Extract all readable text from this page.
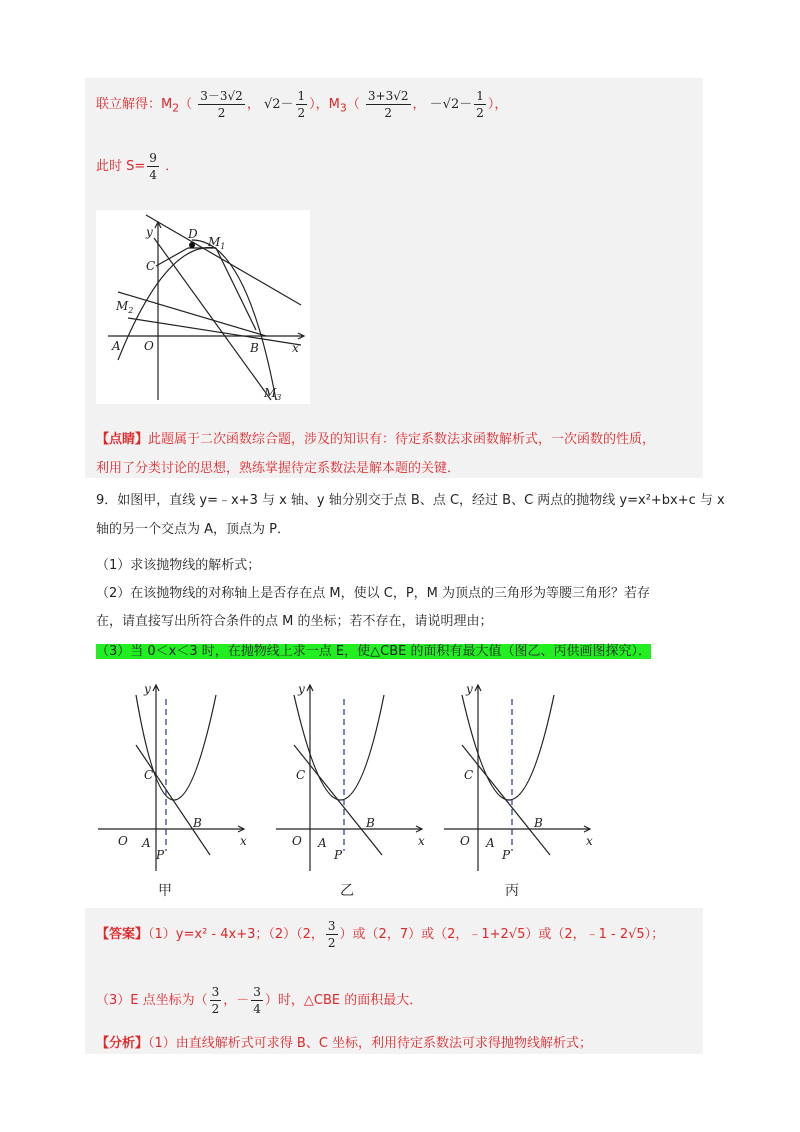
联立解得：$M_2( \frac{3-3√2}{2}$ ， $√2- \frac{1}{2}$ ），$M_3( \frac{3+3√2}{2}$ ， $-√2- \frac{1}{2}$ ），
此时 $S= \frac{9}{4}$ ．
y
x
C
D
$M_1$
$M_2$
$M_3$
A O	B
【点睛】此题属于二次函数综合题，涉及的知识有：待定系数法求函数解析式，一次函数的性质，
利用了分类讨论的思想，熟练掌握待定系数法是解本题的关键．
9．如图甲，直线 y=﹣x+3 与 x 轴、y 轴分别交于点 B、点 C，经过 B、C 两点的抛物线 y=x²+bx+c 与 x
轴的另一个交点为 A，顶点为 P．
（1）求该抛物线的解析式；
（2）在该抛物线的对称轴上是否存在点 M，使以 C，P，M 为顶点的三角形为等腰三角形？若存
在，请直接写出所符合条件的点 M 的坐标；若不存在，请说明理由；
（3）当 0＜x＜3 时，在抛物线上求一点 E，使△CBE 的面积有最大值（图乙、丙供画图探究）．
y
x
C
O A
B
P
甲
y
x
C
O A
B
P
乙
y
x
C
O A
B
P
丙
【答案】（1）y=x² - 4x+3；（2）（2， $\frac{3}{2}$ ）或（2，7）或（2，﹣1+2√5）或（2，﹣1 - 2√5）；
（3）E 点坐标为（ $\frac{3}{2}$ ，－ $\frac{3}{4}$ ）时，△CBE 的面积最大．
【分析】（1）由直线解析式可求得 B、C 坐标，利用待定系数法可求得抛物线解析式；
